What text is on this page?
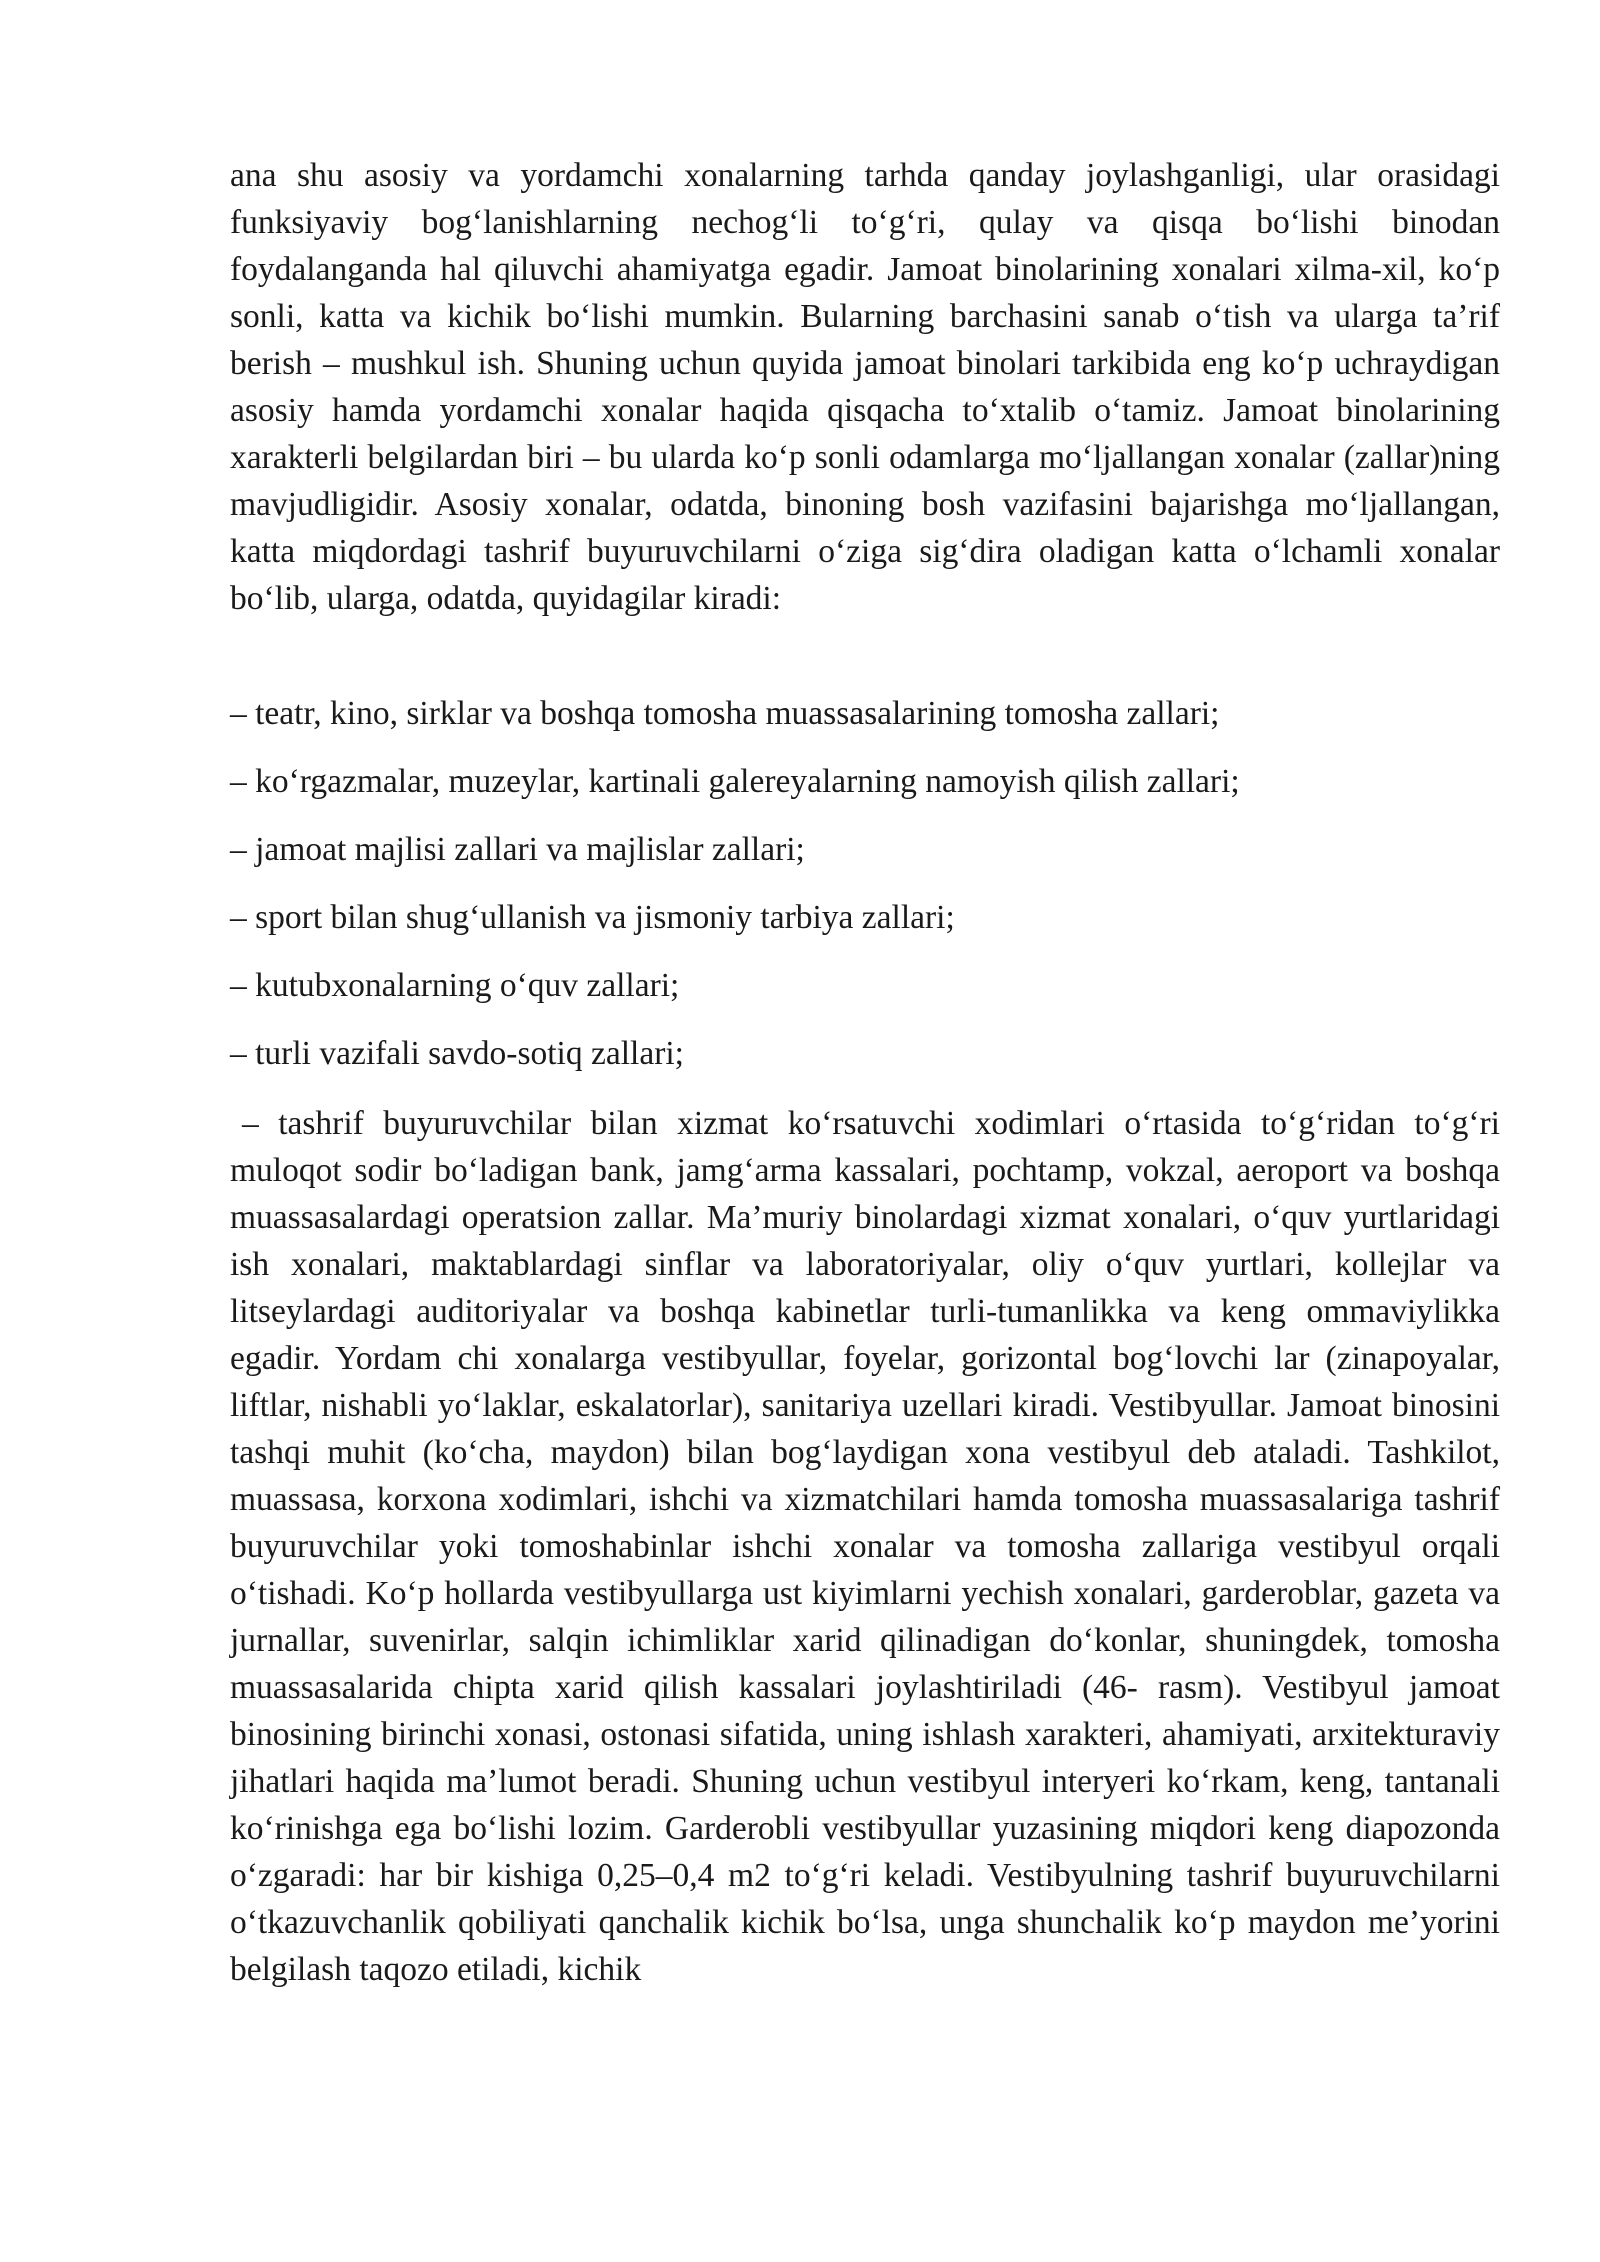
ana shu asosiy va yordamchi xonalarning tarhda qanday joylashganligi, ular orasidagi funksiyaviy bog‘lanishlarning nechog‘li to‘g‘ri, qulay va qisqa bo‘lishi binodan foydalanganda hal qiluvchi ahamiyatga egadir. Jamoat binolarining xonalari xilma-xil, ko‘p sonli, katta va kichik bo‘lishi mumkin. Bularning barchasini sanab o‘tish va ularga ta’rif berish – mushkul ish. Shuning uchun quyida jamoat binolari tarkibida eng ko‘p uchraydigan asosiy hamda yordamchi xonalar haqida qisqacha to‘xtalib o‘tamiz. Jamoat binolarining xarakterli belgilardan biri – bu ularda ko‘p sonli odamlarga mo‘ljallangan xonalar (zallar)ning mavjudligidir. Asosiy xonalar, odatda, binoning bosh vazifasini bajarishga mo‘ljallangan, katta miqdordagi tashrif buyuruvchilarni o‘ziga sig‘dira oladigan katta o‘lchamli xonalar bo‘lib, ularga, odatda, quyidagilar kiradi:

– teatr, kino, sirklar va boshqa tomosha muassasalarining tomosha zallari;
– ko‘rgazmalar, muzeylar, kartinali galereyalarning namoyish qilish zallari;
– jamoat majlisi zallari va majlislar zallari;
– sport bilan shug‘ullanish va jismoniy tarbiya zallari;
– kutubxonalarning o‘quv zallari;
– turli vazifali savdo-sotiq zallari;

– tashrif buyuruvchilar bilan xizmat ko‘rsatuvchi xodimlari o‘rtasida to‘g‘ridan to‘g‘ri muloqot sodir bo‘ladigan bank, jamg‘arma kassalari, pochtamp, vokzal, aeroport va boshqa muassasalardagi operatsion zallar. Ma’muriy binolardagi xizmat xonalari, o‘quv yurtlaridagi ish xonalari, maktablardagi sinflar va laboratoriyalar, oliy o‘quv yurtlari, kollejlar va litseylardagi auditoriyalar va boshqa kabinetlar turli-tumanlikka va keng ommaviylikka egadir. Yordam chi xonalarga vestibyullar, foyelar, gorizontal bog‘lovchi lar (zinapoyalar, liftlar, nishabli yo‘laklar, eskalatorlar), sanitariya uzellari kiradi. Vestibyullar. Jamoat binosini tashqi muhit (ko‘cha, maydon) bilan bog‘laydigan xona vestibyul deb ataladi. Tashkilot, muassasa, korxona xodimlari, ishchi va xizmatchilari hamda tomosha muassasalariga tashrif buyuruvchilar yoki tomoshabinlar ishchi xonalar va tomosha zallariga vestibyul orqali o‘tishadi. Ko‘p hollarda vestibyullarga ust kiyimlarni yechish xonalari, garderoblar, gazeta va jurnallar, suvenirlar, salqin ichimliklar xarid qilinadigan do‘konlar, shuningdek, tomosha muassasalarida chipta xarid qilish kassalari joylashtiriladi (46- rasm). Vestibyul jamoat binosining birinchi xonasi, ostonasi sifatida, uning ishlash xarakteri, ahamiyati, arxitekturaviy jihatlari haqida ma’lumot beradi. Shuning uchun vestibyul interyeri ko‘rkam, keng, tantanali ko‘rinishga ega bo‘lishi lozim. Garderobli vestibyullar yuzasining miqdori keng diapozonda o‘zgaradi: har bir kishiga 0,25–0,4 m2 to‘g‘ri keladi. Vestibyulning tashrif buyuruvchilarni o‘tkazuvchanlik qobiliyati qanchalik kichik bo‘lsa, unga shunchalik ko‘p maydon me’yorini belgilash taqozo etiladi, kichik
